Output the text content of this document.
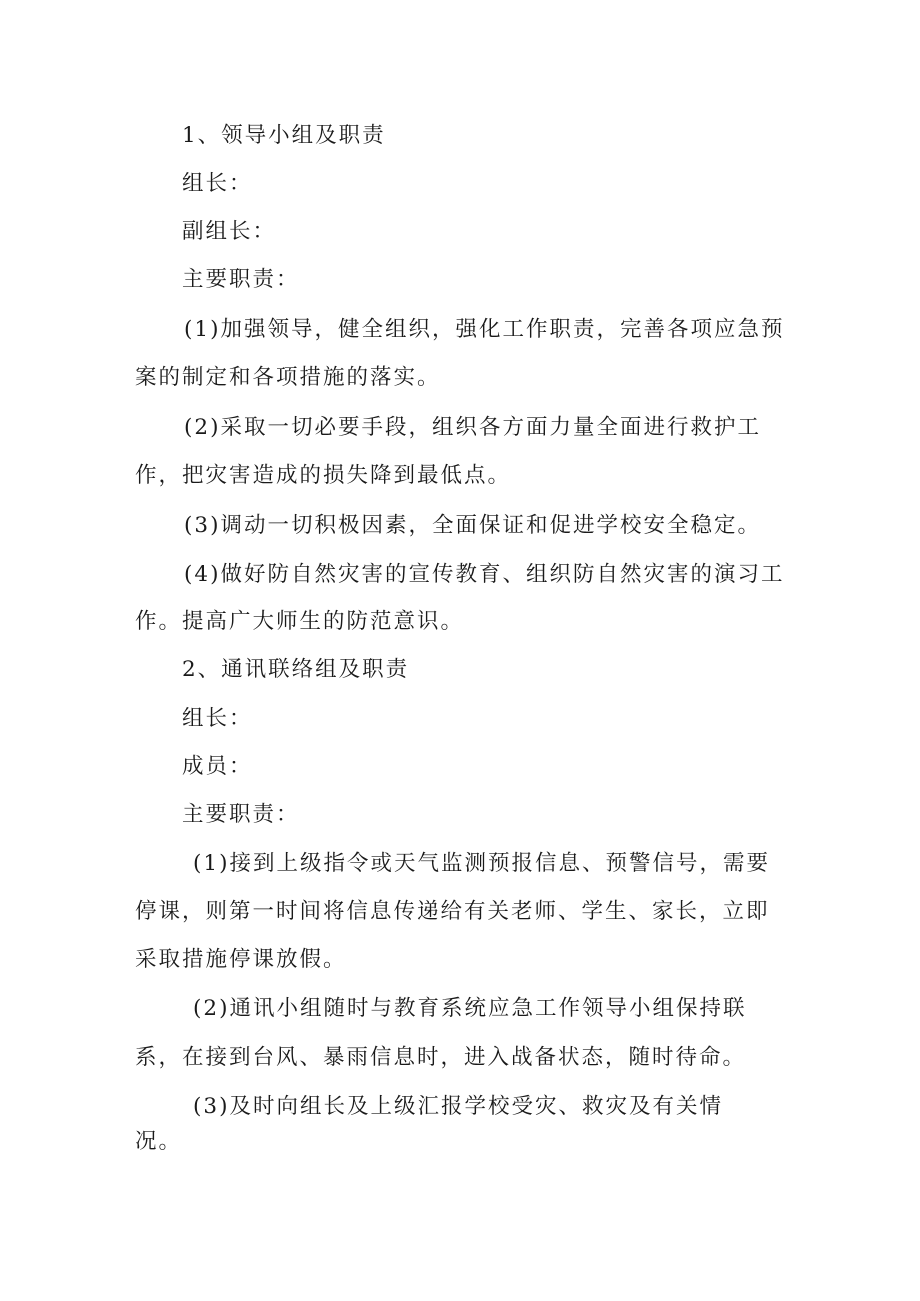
1、领导小组及职责
组长：
副组长：
主要职责：
(1)加强领导，健全组织，强化工作职责，完善各项应急预
案的制定和各项措施的落实。
(2)采取一切必要手段，组织各方面力量全面进行救护工
作，把灾害造成的损失降到最低点。
(3)调动一切积极因素，全面保证和促进学校安全稳定。
(4)做好防自然灾害的宣传教育、组织防自然灾害的演习工
作。提高广大师生的防范意识。
2、通讯联络组及职责
组长：
成员：
主要职责：
(1)接到上级指令或天气监测预报信息、预警信号，需要
停课，则第一时间将信息传递给有关老师、学生、家长，立即
采取措施停课放假。
(2)通讯小组随时与教育系统应急工作领导小组保持联
系，在接到台风、暴雨信息时，进入战备状态，随时待命。
(3)及时向组长及上级汇报学校受灾、救灾及有关情
况。
